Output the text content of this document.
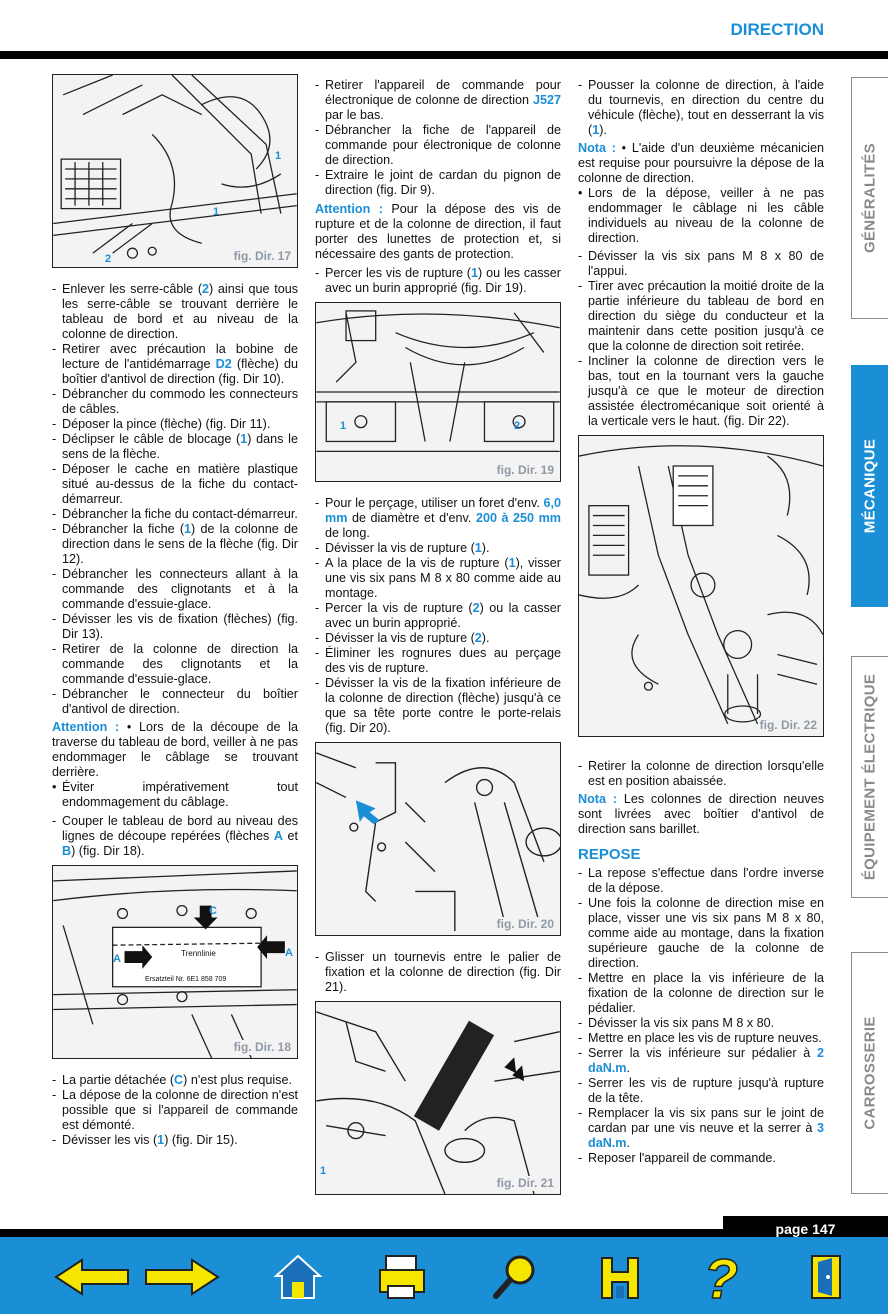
DIRECTION
1
1
2	fig. Dir. 17
- Enlever les serre-câble (2) ainsi que tous les serre-câble se trouvant derrière le tableau de bord et au niveau de la colonne de direction.
- Retirer avec précaution la bobine de lecture de l'antidémarrage D2 (flèche) du boîtier d'antivol de direction (fig. Dir 10).
- Débrancher du commodo les connecteurs de câbles.
- Déposer la pince (flèche) (fig. Dir 11).
- Déclipser le câble de blocage (1) dans le sens de la flèche.
- Déposer le cache en matière plastique situé au-dessus de la fiche du contact-démarreur.
- Débrancher la fiche du contact-démarreur.
- Débrancher la fiche (1) de la colonne de direction dans le sens de la flèche (fig. Dir 12).
- Débrancher les connecteurs allant à la commande des clignotants et à la commande d'essuie-glace.
- Dévisser les vis de fixation (flèches) (fig. Dir 13).
- Retirer de la colonne de direction la commande des clignotants et la commande d'essuie-glace.
- Débrancher le connecteur du boîtier d'antivol de direction.
Attention : • Lors de la découpe de la traverse du tableau de bord, veiller à ne pas endommager le câblage se trouvant derrière.
• Éviter impérativement tout endommagement du câblage.
- Couper le tableau de bord au niveau des lignes de découpe repérées (flèches A et B) (fig. Dir 18).
C
A	A
Trennlinie
Ersatzteil Nr. 6E1 858 709
fig. Dir. 18
- La partie détachée (C) n'est plus requise.
- La dépose de la colonne de direction n'est possible que si l'appareil de commande est démonté.
- Dévisser les vis (1) (fig. Dir 15).
- Retirer l'appareil de commande pour électronique de colonne de direction J527 par le bas.
- Débrancher la fiche de l'appareil de commande pour électronique de colonne de direction.
- Extraire le joint de cardan du pignon de direction (fig. Dir 9).
Attention : Pour la dépose des vis de rupture et de la colonne de direction, il faut porter des lunettes de protection et, si nécessaire des gants de protection.
- Percer les vis de rupture (1) ou les casser avec un burin approprié (fig. Dir 19).
1	2
fig. Dir. 19
- Pour le perçage, utiliser un foret d'env. 6,0 mm de diamètre et d'env. 200 à 250 mm de long.
- Dévisser la vis de rupture (1).
- A la place de la vis de rupture (1), visser une vis six pans M 8 x 80 comme aide au montage.
- Percer la vis de rupture (2) ou la casser avec un burin approprié.
- Dévisser la vis de rupture (2).
- Éliminer les rognures dues au perçage des vis de rupture.
- Dévisser la vis de la fixation inférieure de la colonne de direction (flèche) jusqu'à ce que sa tête porte contre le porte-relais (fig. Dir 20).
fig. Dir. 20
- Glisser un tournevis entre le palier de fixation et la colonne de direction (fig. Dir 21).
1
fig. Dir. 21
- Pousser la colonne de direction, à l'aide du tournevis, en direction du centre du véhicule (flèche), tout en desserrant la vis (1).
Nota : • L'aide d'un deuxième mécanicien est requise pour poursuivre la dépose de la colonne de direction.
• Lors de la dépose, veiller à ne pas endommager le câblage ni les câble individuels au niveau de la colonne de direction.
- Dévisser la vis six pans M 8 x 80 de l'appui.
- Tirer avec précaution la moitié droite de la partie inférieure du tableau de bord en direction du siège du conducteur et la maintenir dans cette position jusqu'à ce que la colonne de direction soit retirée.
- Incliner la colonne de direction vers le bas, tout en la tournant vers la gauche jusqu'à ce que le moteur de direction assistée électromécanique soit orienté à la verticale vers le haut. (fig. Dir 22).
fig. Dir. 22
- Retirer la colonne de direction lorsqu'elle est en position abaissée.
Nota : Les colonnes de direction neuves sont livrées avec boîtier d'antivol de direction sans barillet.
REPOSE
- La repose s'effectue dans l'ordre inverse de la dépose.
- Une fois la colonne de direction mise en place, visser une vis six pans M 8 x 80, comme aide au montage, dans la fixation supérieure gauche de la colonne de direction.
- Mettre en place la vis inférieure de la fixation de la colonne de direction sur le pédalier.
- Dévisser la vis six pans M 8 x 80.
- Mettre en place les vis de rupture neuves.
- Serrer la vis inférieure sur pédalier à 2 daN.m.
- Serrer les vis de rupture jusqu'à rupture de la tête.
- Remplacer la vis six pans sur le joint de cardan par une vis neuve et la serrer à 3 daN.m.
- Reposer l'appareil de commande.
GÉNÉRALITÉS
MÉCANIQUE
ÉQUIPEMENT ÉLECTRIQUE
CARROSSERIE
page 147
?
